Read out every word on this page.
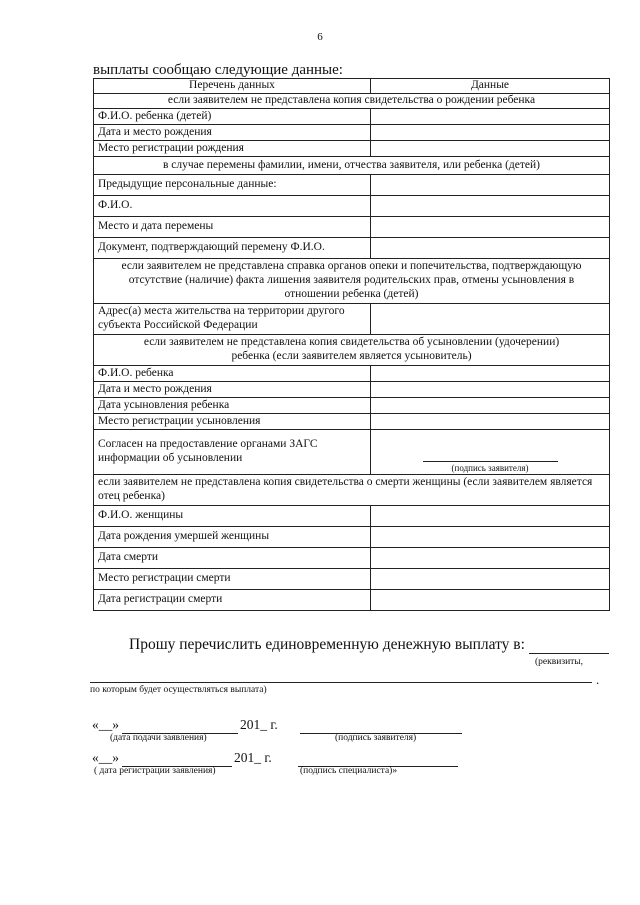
6
выплаты сообщаю следующие данные:
Перечень данных	Данные
если заявителем не представлена копия свидетельства о рождении ребенка	
Ф.И.О. ребенка (детей)	
Дата и место рождения	
Место регистрации рождения	
в случае перемены фамилии, имени, отчества заявителя, или ребенка (детей)	
Предыдущие персональные данные:	
Ф.И.О.	
Место и дата перемены	
Документ, подтверждающий перемену Ф.И.О.	
если заявителем не представлена справка органов опеки и попечительства, подтверждающую отсутствие (наличие) факта лишения заявителя родительских прав, отмены усыновления в отношении ребенка (детей)	
Адрес(а) места жительства на территории другого субъекта Российской Федерации	
если заявителем не представлена копия свидетельства об усыновлении (удочерении) ребенка (если заявителем является усыновитель)	
Ф.И.О. ребенка	
Дата и место рождения	
Дата усыновления ребенка	
Место регистрации усыновления	
Согласен на предоставление органами ЗАГС информации об усыновлении	(подпись заявителя)

если заявителем не представлена копия свидетельства о смерти женщины (если заявителем является отец ребенка)	
Ф.И.О. женщины	
Дата рождения умершей женщины	
Дата смерти	
Место регистрации смерти	
Дата регистрации смерти	
Прошу перечислить единовременную денежную выплату в:
(реквизиты,
.
по которым будет осуществляться выплата)
«__»	201_ г.
(дата подачи заявления)	(подпись заявителя)
«__»	201_ г.
( дата регистрации заявления)	(подпись специалиста)»
